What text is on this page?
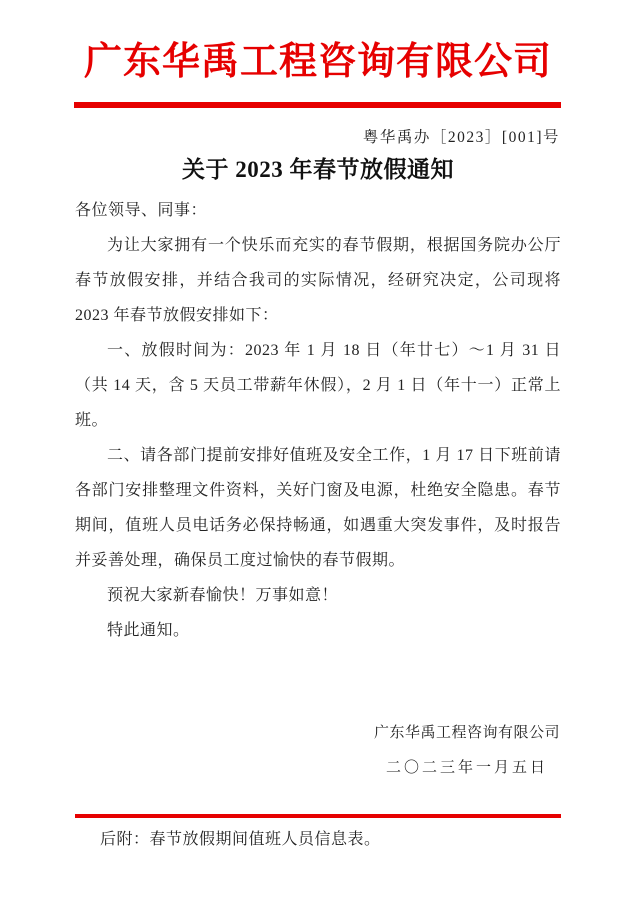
广东华禹工程咨询有限公司
粤华禹办［2023］[001]号
关于 2023 年春节放假通知

各位领导、同事：

为让大家拥有一个快乐而充实的春节假期，根据国务院办公厅春节放假安排，并结合我司的实际情况，经研究决定，公司现将 2023 年春节放假安排如下：

一、放假时间为：2023 年 1 月 18 日（年廿七）～1 月 31 日（共 14 天，含 5 天员工带薪年休假），2 月 1 日（年十一）正常上班。

二、请各部门提前安排好值班及安全工作，1 月 17 日下班前请各部门安排整理文件资料，关好门窗及电源，杜绝安全隐患。春节期间，值班人员电话务必保持畅通，如遇重大突发事件，及时报告并妥善处理，确保员工度过愉快的春节假期。

预祝大家新春愉快！万事如意！

特此通知。

广东华禹工程咨询有限公司
二〇二三年一月五日
后附：春节放假期间值班人员信息表。
